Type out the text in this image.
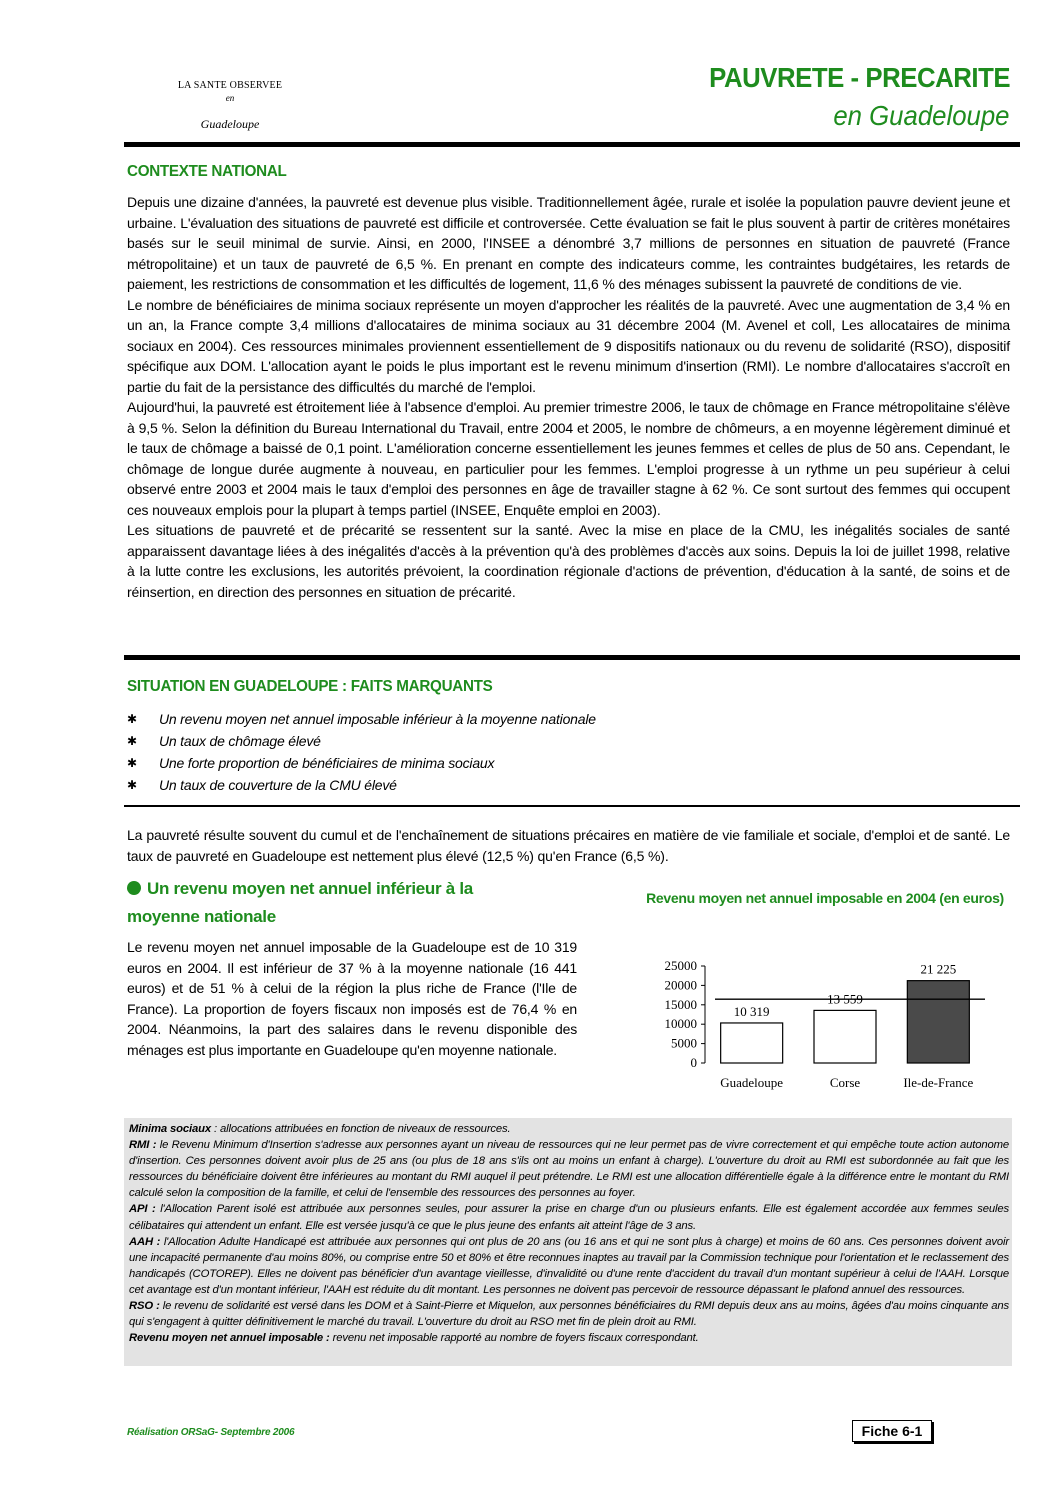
LA SANTE OBSERVEE
en
Guadeloupe
PAUVRETE - PRECARITE
en Guadeloupe
CONTEXTE NATIONAL

Depuis une dizaine d'années, la pauvreté est devenue plus visible. Traditionnellement âgée, rurale et isolée la population pauvre devient jeune et urbaine. L'évaluation des situations de pauvreté est difficile et controversée. Cette évaluation se fait le plus souvent à partir de critères monétaires basés sur le seuil minimal de survie. Ainsi, en 2000, l'INSEE a dénombré 3,7 millions de personnes en situation de pauvreté (France métropolitaine) et un taux de pauvreté de 6,5 %. En prenant en compte des indicateurs comme, les contraintes budgétaires, les retards de paiement, les restrictions de consommation et les difficultés de logement, 11,6 % des ménages subissent la pauvreté de conditions de vie.

Le nombre de bénéficiaires de minima sociaux représente un moyen d'approcher les réalités de la pauvreté. Avec une augmentation de 3,4 % en un an, la France compte 3,4 millions d'allocataires de minima sociaux au 31 décembre 2004 (M. Avenel et coll, Les allocataires de minima sociaux en 2004). Ces ressources minimales proviennent essentiellement de 9 dispositifs nationaux ou du revenu de solidarité (RSO), dispositif spécifique aux DOM. L'allocation ayant le poids le plus important est le revenu minimum d'insertion (RMI). Le nombre d'allocataires s'accroît en partie du fait de la persistance des difficultés du marché de l'emploi.

Aujourd'hui, la pauvreté est étroitement liée à l'absence d'emploi. Au premier trimestre 2006, le taux de chômage en France métropolitaine s'élève à 9,5 %. Selon la définition du Bureau International du Travail, entre 2004 et 2005, le nombre de chômeurs, a en moyenne légèrement diminué et le taux de chômage a baissé de 0,1 point. L'amélioration concerne essentiellement les jeunes femmes et celles de plus de 50 ans. Cependant, le chômage de longue durée augmente à nouveau, en particulier pour les femmes. L'emploi progresse à un rythme un peu supérieur à celui observé entre 2003 et 2004 mais le taux d'emploi des personnes en âge de travailler stagne à 62 %. Ce sont surtout des femmes qui occupent ces nouveaux emplois pour la plupart à temps partiel (INSEE, Enquête emploi en 2003).

Les situations de pauvreté et de précarité se ressentent sur la santé. Avec la mise en place de la CMU, les inégalités sociales de santé apparaissent davantage liées à des inégalités d'accès à la prévention qu'à des problèmes d'accès aux soins. Depuis la loi de juillet 1998, relative à la lutte contre les exclusions, les autorités prévoient, la coordination régionale d'actions de prévention, d'éducation à la santé, de soins et de réinsertion, en direction des personnes en situation de précarité.

SITUATION EN GUADELOUPE : FAITS MARQUANTS
✱ Un revenu moyen net annuel imposable inférieur à la moyenne nationale
✱ Un taux de chômage élevé
✱ Une forte proportion de bénéficiaires de minima sociaux
✱ Un taux de couverture de la CMU élevé
La pauvreté résulte souvent du cumul et de l'enchaînement de situations précaires en matière de vie familiale et sociale, d'emploi et de santé. Le taux de pauvreté en Guadeloupe est nettement plus élevé (12,5 %) qu'en France (6,5 %).
Un revenu moyen net annuel inférieur à la moyenne nationale
Le revenu moyen net annuel imposable de la Guadeloupe est de 10 319 euros en 2004. Il est inférieur de 37 % à la moyenne nationale (16 441 euros) et de 51 % à celui de la région la plus riche de France (l'Ile de France). La proportion de foyers fiscaux non imposés est de 76,4 % en 2004. Néanmoins, la part des salaires dans le revenu disponible des ménages est plus importante en Guadeloupe qu'en moyenne nationale.
Revenu moyen net annuel imposable en 2004 (en euros)
0
5000
10000
15000
20000
25000
10 319
Guadeloupe
13 559
Corse
21 225
Ile-de-France

Minima sociaux : allocations attribuées en fonction de niveaux de ressources.

RMI : le Revenu Minimum d'Insertion s'adresse aux personnes ayant un niveau de ressources qui ne leur permet pas de vivre correctement et qui empêche toute action autonome d'insertion. Ces personnes doivent avoir plus de 25 ans (ou plus de 18 ans s'ils ont au moins un enfant à charge). L'ouverture du droit au RMI est subordonnée au fait que les ressources du bénéficiaire doivent être inférieures au montant du RMI auquel il peut prétendre. Le RMI est une allocation différentielle égale à la différence entre le montant du RMI calculé selon la composition de la famille, et celui de l'ensemble des ressources des personnes au foyer.

API : l'Allocation Parent isolé est attribuée aux personnes seules, pour assurer la prise en charge d'un ou plusieurs enfants. Elle est également accordée aux femmes seules célibataires qui attendent un enfant. Elle est versée jusqu'à ce que le plus jeune des enfants ait atteint l'âge de 3 ans.

AAH : l'Allocation Adulte Handicapé est attribuée aux personnes qui ont plus de 20 ans (ou 16 ans et qui ne sont plus à charge) et moins de 60 ans. Ces personnes doivent avoir une incapacité permanente d'au moins 80%, ou comprise entre 50 et 80% et être reconnues inaptes au travail par la Commission technique pour l'orientation et le reclassement des handicapés (COTOREP). Elles ne doivent pas bénéficier d'un avantage vieillesse, d'invalidité ou d'une rente d'accident du travail d'un montant supérieur à celui de l'AAH. Lorsque cet avantage est d'un montant inférieur, l'AAH est réduite du dit montant. Les personnes ne doivent pas percevoir de ressource dépassant le plafond annuel des ressources.

RSO : le revenu de solidarité est versé dans les DOM et à Saint-Pierre et Miquelon, aux personnes bénéficiaires du RMI depuis deux ans au moins, âgées d'au moins cinquante ans qui s'engagent à quitter définitivement le marché du travail. L'ouverture du droit au RSO met fin de plein droit au RMI.

Revenu moyen net annuel imposable : revenu net imposable rapporté au nombre de foyers fiscaux correspondant.

Réalisation ORSaG- Septembre 2006	Fiche 6-1
